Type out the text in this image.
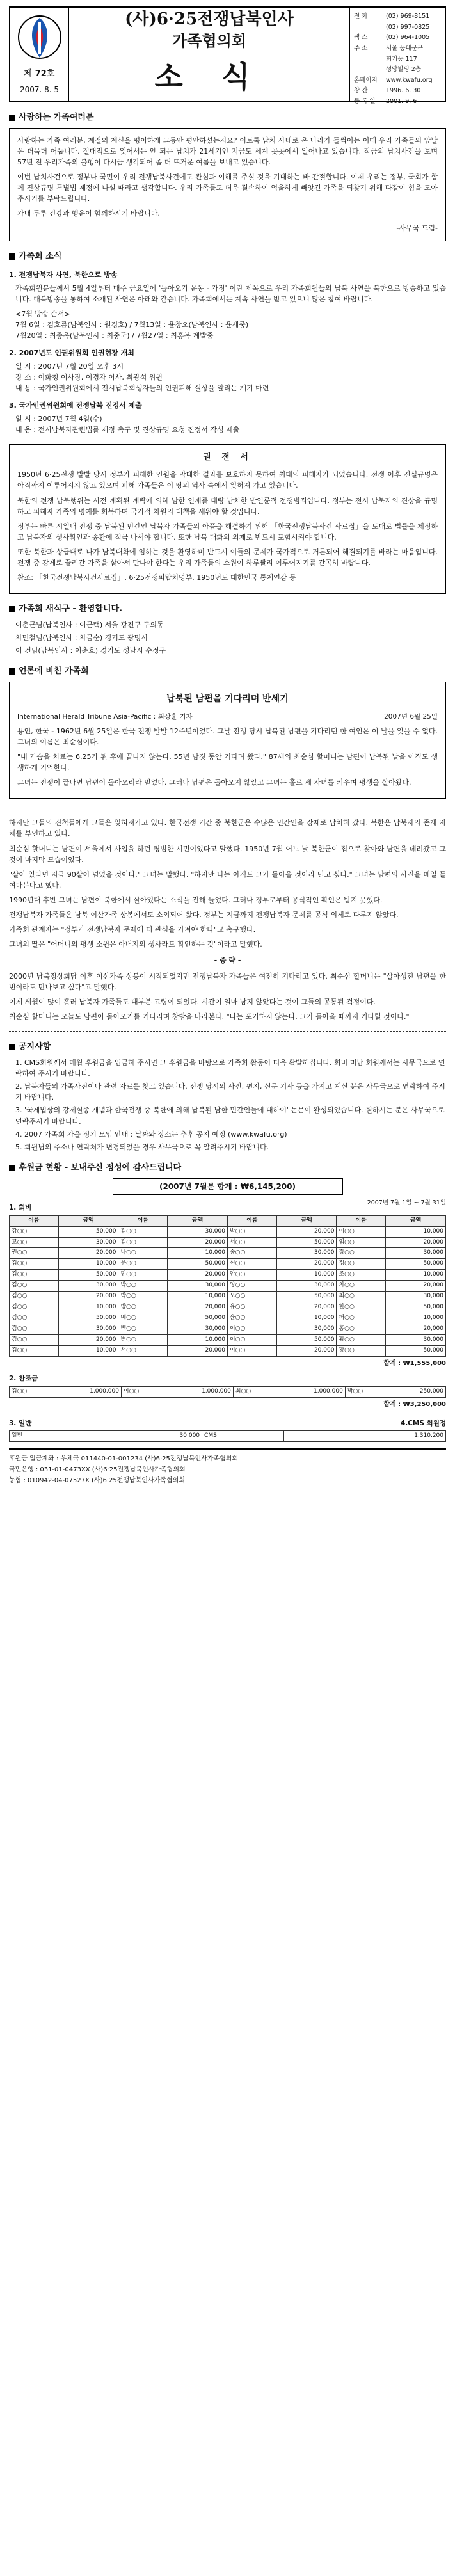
제 72호
2007. 8. 5
(사)6·25전쟁납북인사
가족협의회
소 식
전 화	(02) 969-8151
(02) 997-0825
팩 스	(02) 964-1005
주 소	서울 동대문구
회기동 117
성당빌딩 2층
홈페이지	www.kwafu.org
창 간	1996. 6. 30
등 록 일	2001. 9. 6
사랑하는 가족여러분

사랑하는 가족 여러분, 계절의 계신을 평이하게 그동안 평안하셨는지요? 이토록 납치 사태로 온 나라가 들썩이는 이때 우리 가족들의 앞날은 더욱더 어둡니다. 절대적으로 잊어서는 안 되는 납치가 21세기인 지금도 세계 곳곳에서 일어나고 있습니다. 작금의 납치사건을 보며 57년 전 우리가족의 불행이 다시금 생각되어 좀 더 뜨거운 여름을 보내고 있습니다.

이번 납치사건으로 정부나 국민이 우리 전쟁납북사건에도 관심과 이해를 주실 것을 기대하는 바 간절합니다. 이제 우리는 정부, 국회가 함께 진상규명 특별법 제정에 나설 때라고 생각합니다. 우리 가족들도 더욱 결속하여 억울하게 빼앗긴 가족을 되찾기 위해 다같이 힘을 모아 주시기를 부탁드립니다.

가내 두루 건강과 행운이 함께하시기 바랍니다.

-사무국 드림-
가족회 소식
1. 전쟁납북자 사연, 북한으로 방송

가족회원분들께서 5월 4일부터 매주 금요일에 '돌아오기 운동 - 가정' 이란 제목으로 우리 가족회원들의 납북 사연을 북한으로 방송하고 있습니다. 대북방송을 통하여 소개된 사연은 아래와 같습니다. 가족회에서는 계속 사연을 받고 있으니 많은 참여 바랍니다.

<7월 방송 순서>
7월 6일 : 김호룡(남북인사 : 원경호) / 7월13일 : 윤창오(남북인사 : 윤세중)
7월20일 : 최종옥(남북인사 : 최중국) / 7월27일 : 최홍복 계발중
2. 2007년도 인권위원회 인권현장 개최
일 시 : 2007년 7월 20일 오후 3시
장 소 : 이화청 이사장, 이경자 이사, 최광석 위원
내 용 : 국가인권위원회에서 전시납북희생자들의 인권피해 실상을 알리는 계기 마련
3. 국가인권위원회에 전쟁납북 진정서 제출
일 시 : 2007년 7월 4일(수)
내 용 : 전시납북자관련법률 제정 촉구 및 진상규명 요청 진정서 작성 제출
권 전 서

1950년 6·25전쟁 발발 당시 정부가 피해한 인원을 막대한 결과를 보호하지 못하여 최대의 피해자가 되었습니다. 전쟁 이후 진실규명은 아직까지 이루어지지 않고 있으며 피해 가족들은 이 땅의 역사 속에서 잊혀져 가고 있습니다.

북한의 전쟁 납북행위는 사전 계획된 계략에 의해 남한 인재를 대량 납치한 반인륜적 전쟁범죄입니다. 정부는 전시 납북자의 진상을 규명하고 피해자 가족의 명예를 회복하며 국가적 차원의 대책을 세워야 할 것입니다.

정부는 빠른 시일내 전쟁 중 납북된 민간인 납북자 가족들의 아픔을 해결하기 위해 「한국전쟁납북사건 사료집」을 토대로 법률을 제정하고 납북자의 생사확인과 송환에 적극 나서야 합니다. 또한 남북 대화의 의제로 반드시 포함시켜야 합니다.

또한 북한과 상급대로 나가 남북대화에 임하는 것을 환영하며 반드시 이들의 문제가 국가적으로 거론되어 해결되기를 바라는 마음입니다. 전쟁 중 강제로 끌려간 가족을 살아서 만나야 한다는 우리 가족들의 소원이 하루빨리 이루어지기를 간곡히 바랍니다.

참조: 「한국전쟁납북사건사료집」, 6·25전쟁피랍치명부, 1950년도 대한민국 통계연감 등

가족회 새식구 - 환영합니다.
이춘근님(납북인사 : 이근택) 서울 광진구 구의동
차민철님(납북인사 : 차금순) 경기도 광명시
이 건님(납북인사 : 이춘호) 경기도 성남시 수정구
언론에 비친 가족회
납북된 남편을 기다리며 반세기
International Herald Tribune Asia-Pacific : 최상훈 기자	2007년 6월 25일

용인, 한국 - 1962년 6월 25일은 한국 전쟁 발발 12주년이었다. 그날 전쟁 당시 납북된 남편을 기다리던 한 여인은 이 날을 잊을 수 없다. 그녀의 이름은 최순심이다.

"내 가슴을 치료는 6.25가 된 후에 끝나지 않는다. 55년 남짓 동안 기다려 왔다." 87세의 최순심 할머니는 남편이 납북된 날을 아직도 생생하게 기억한다.

그녀는 전쟁이 끝나면 남편이 돌아오리라 믿었다. 그러나 남편은 돌아오지 않았고 그녀는 홀로 세 자녀를 키우며 평생을 살아왔다.

하지만 그들의 진척들에게 그들은 잊혀져가고 있다. 한국전쟁 기간 중 북한군은 수많은 민간인을 강제로 납치해 갔다. 북한은 납북자의 존재 자체를 부인하고 있다.

최순심 할머니는 남편이 서울에서 사업을 하던 평범한 시민이었다고 말했다. 1950년 7월 어느 날 북한군이 집으로 찾아와 남편을 데려갔고 그것이 마지막 모습이었다.

"살아 있다면 지금 90살이 넘었을 것이다." 그녀는 말했다. "하지만 나는 아직도 그가 돌아올 것이라 믿고 싶다." 그녀는 남편의 사진을 매일 들여다본다고 했다.

1990년대 후반 그녀는 남편이 북한에서 살아있다는 소식을 전해 들었다. 그러나 정부로부터 공식적인 확인은 받지 못했다.

전쟁납북자 가족들은 남북 이산가족 상봉에서도 소외되어 왔다. 정부는 지금까지 전쟁납북자 문제를 공식 의제로 다루지 않았다.

가족회 관계자는 "정부가 전쟁납북자 문제에 더 관심을 가져야 한다"고 촉구했다.

그녀의 딸은 "어머니의 평생 소원은 아버지의 생사라도 확인하는 것"이라고 말했다.

- 중 략 -

2000년 남북정상회담 이후 이산가족 상봉이 시작되었지만 전쟁납북자 가족들은 여전히 기다리고 있다. 최순심 할머니는 "살아생전 남편을 한 번이라도 만나보고 싶다"고 말했다.

이제 세월이 많이 흘러 납북자 가족들도 대부분 고령이 되었다. 시간이 얼마 남지 않았다는 것이 그들의 공통된 걱정이다.

최순심 할머니는 오늘도 남편이 돌아오기를 기다리며 창밖을 바라본다. "나는 포기하지 않는다. 그가 돌아올 때까지 기다릴 것이다."

공지사항
1. CMS회원께서 매월 후원금을 입금해 주시면 그 후원금을 바탕으로 가족회 활동이 더욱 활발해집니다. 회비 미납 회원께서는 사무국으로 연락하여 주시기 바랍니다.
2. 납북자들의 가족사진이나 관련 자료를 찾고 있습니다. 전쟁 당시의 사진, 편지, 신문 기사 등을 가지고 계신 분은 사무국으로 연락하여 주시기 바랍니다.
3. '국제법상의 강제실종 개념과 한국전쟁 중 북한에 의해 납북된 남한 민간인들에 대하여' 논문이 완성되었습니다. 원하시는 분은 사무국으로 연락주시기 바랍니다.
4. 2007 가족회 가을 정기 모임 안내 : 날짜와 장소는 추후 공지 예정 (www.kwafu.org)
5. 회원님의 주소나 연락처가 변경되었을 경우 사무국으로 꼭 알려주시기 바랍니다.
후원금 현황 - 보내주신 정성에 감사드립니다
(2007년 7월분 합계 : ₩6,145,200)
1. 회비
2007년 7월 1일 ~ 7월 31일
이름	금액	이름	금액	이름	금액	이름	금액
강○○	50,000	김○○	30,000	박○○	20,000	이○○	10,000
고○○	30,000	김○○	20,000	서○○	50,000	임○○	20,000
권○○	20,000	나○○	10,000	송○○	30,000	장○○	30,000
김○○	10,000	문○○	50,000	신○○	20,000	정○○	50,000
김○○	50,000	민○○	20,000	안○○	10,000	조○○	10,000
김○○	30,000	박○○	30,000	양○○	30,000	차○○	20,000
김○○	20,000	박○○	10,000	오○○	50,000	최○○	30,000
김○○	10,000	방○○	20,000	유○○	20,000	한○○	50,000
김○○	50,000	배○○	50,000	윤○○	10,000	허○○	10,000
김○○	30,000	백○○	30,000	이○○	30,000	홍○○	20,000
김○○	20,000	변○○	10,000	이○○	50,000	황○○	30,000
김○○	10,000	서○○	20,000	이○○	20,000	황○○	50,000
합계 : ₩1,555,000
2. 찬조금
김○○	1,000,000	이○○	1,000,000	최○○	1,000,000	박○○	250,000
합계 : ₩3,250,000
3. 일반	4.CMS 회원정
일반	30,000	CMS	1,310,200
후원금 입금계좌 : 우체국 011440-01-001234 (사)6·25전쟁납북인사가족협의회
국민은행 : 031-01-0473XX (사)6·25전쟁납북인사가족협의회
농협 : 010942-04-07527X (사)6·25전쟁납북인사가족협의회
